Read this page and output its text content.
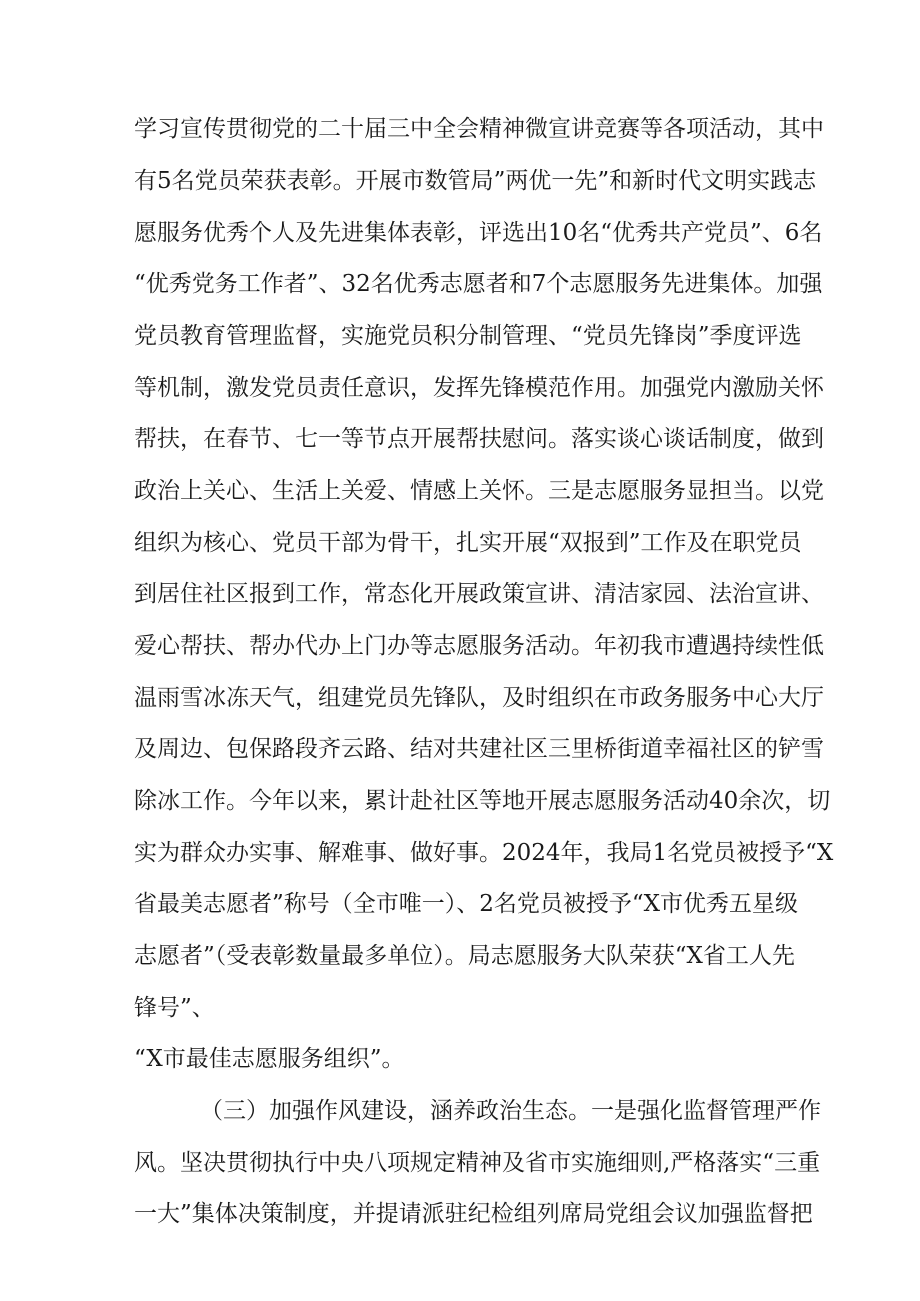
学习宣传贯彻党的二十届三中全会精神微宣讲竞赛等各项活动，其中
有5名党员荣获表彰。开展市数管局”两优一先”和新时代文明实践志
愿服务优秀个人及先进集体表彰，评选出10名“优秀共产党员”、6名
“优秀党务工作者”、32名优秀志愿者和7个志愿服务先进集体。加强
党员教育管理监督，实施党员积分制管理、“党员先锋岗”季度评选
等机制，激发党员责任意识，发挥先锋模范作用。加强党内激励关怀
帮扶，在春节、七一等节点开展帮扶慰问。落实谈心谈话制度，做到
政治上关心、生活上关爱、情感上关怀。三是志愿服务显担当。以党
组织为核心、党员干部为骨干，扎实开展“双报到”工作及在职党员
到居住社区报到工作，常态化开展政策宣讲、清洁家园、法治宣讲、
爱心帮扶、帮办代办上门办等志愿服务活动。年初我市遭遇持续性低
温雨雪冰冻天气，组建党员先锋队，及时组织在市政务服务中心大厅
及周边、包保路段齐云路、结对共建社区三里桥街道幸福社区的铲雪
除冰工作。今年以来，累计赴社区等地开展志愿服务活动40余次，切
实为群众办实事、解难事、做好事。2024年，我局1名党员被授予“X
省最美志愿者”称号（全市唯一）、2名党员被授予“X市优秀五星级
志愿者”（受表彰数量最多单位）。局志愿服务大队荣获“X省工人先
锋号”、
“X市最佳志愿服务组织”。
（三）加强作风建设，涵养政治生态。一是强化监督管理严作
风。坚决贯彻执行中央八项规定精神及省市实施细则,严格落实“三重
一大”集体决策制度，并提请派驻纪检组列席局党组会议加强监督把
